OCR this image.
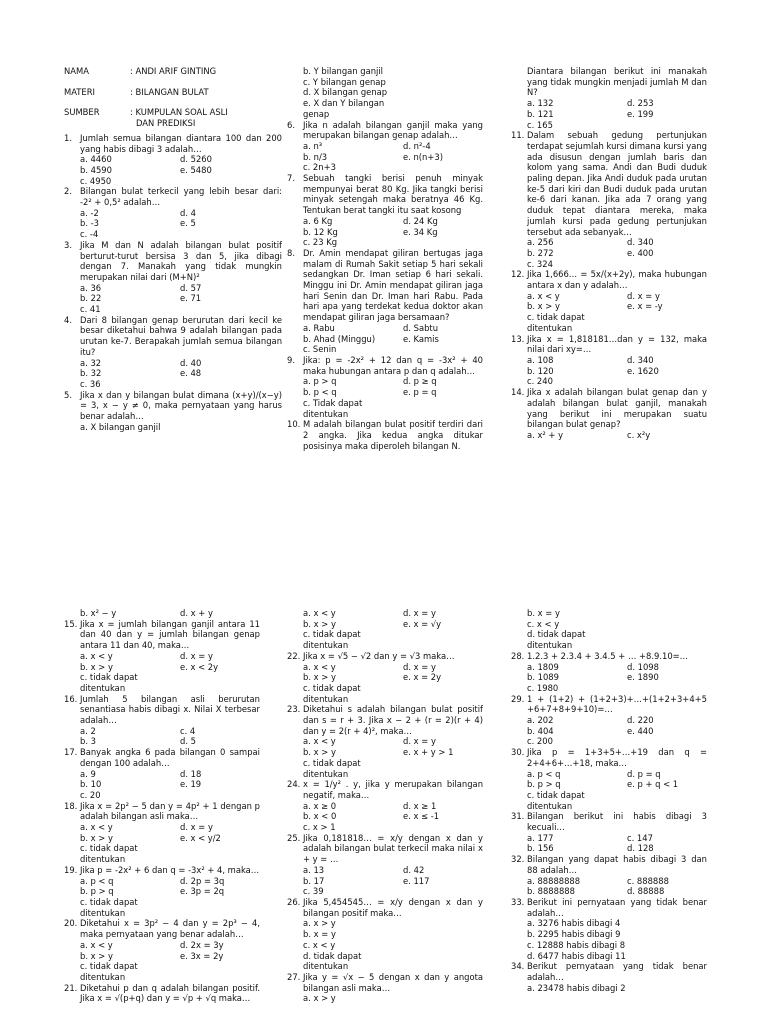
NAMA	: ANDI ARIF GINTING
MATERI	: BILANGAN BULAT
SUMBER	: KUMPULAN SOAL ASLI
DAN PREDIKSI
1. Jumlah semua bilangan diantara 100 dan 200 yang habis dibagi 3 adalah…
a. 4460	d. 5260
b. 4590	e. 5480
c. 4950
2. Bilangan bulat terkecil yang lebih besar dari: -2² + 0,5² adalah…
a. -2	d. 4
b. -3	e. 5
c. -4
3. Jika M dan N adalah bilangan bulat positif berturut-turut bersisa 3 dan 5, jika dibagi dengan 7. Manakah yang tidak mungkin merupakan nilai dari (M+N)²
a. 36	d. 57
b. 22	e. 71
c. 41
4. Dari 8 bilangan genap berurutan dari kecil ke besar diketahui bahwa 9 adalah bilangan pada urutan ke-7. Berapakah jumlah semua bilangan itu?
a. 32	d. 40
b. 32	e. 48
c. 36
5. Jika x dan y bilangan bulat dimana (x+y)/(x−y) = 3, x − y ≠ 0, maka pernyataan yang harus benar adalah…
a. X bilangan ganjil
b. Y bilangan ganjil
c. Y bilangan genap
d. X bilangan genap
e. X dan Y bilangan genap
6. Jika n adalah bilangan ganjil maka yang merupakan bilangan genap adalah…
a. n³	d. n²-4
b. n/3	e. n(n+3)
c. 2n+3
7. Sebuah tangki berisi penuh minyak mempunyai berat 80 Kg. Jika tangki berisi minyak setengah maka beratnya 46 Kg. Tentukan berat tangki itu saat kosong
a. 6 Kg	d. 24 Kg
b. 12 Kg	e. 34 Kg
c. 23 Kg
8. Dr. Amin mendapat giliran bertugas jaga malam di Rumah Sakit setiap 5 hari sekali sedangkan Dr. Iman setiap 6 hari sekali. Minggu ini Dr. Amin mendapat giliran jaga hari Senin dan Dr. Iman hari Rabu. Pada hari apa yang terdekat kedua doktor akan mendapat giliran jaga bersamaan?
a. Rabu	d. Sabtu
b. Ahad (Minggu)	e. Kamis
c. Senin
9. Jika: p = -2x² + 12 dan q = -3x² + 40 maka hubungan antara p dan q adalah…
a. p > q	d. p ≥ q
b. p < q	e. p = q
c. Tidak dapat ditentukan
10. M adalah bilangan bulat positif terdiri dari 2 angka. Jika kedua angka ditukar posisinya maka diperoleh bilangan N.
Diantara bilangan berikut ini manakah yang tidak mungkin menjadi jumlah M dan N?
a. 132	d. 253
b. 121	e. 199
c. 165
11. Dalam sebuah gedung pertunjukan terdapat sejumlah kursi dimana kursi yang ada disusun dengan jumlah baris dan kolom yang sama. Andi dan Budi duduk paling depan. Jika Andi duduk pada urutan ke-5 dari kiri dan Budi duduk pada urutan ke-6 dari kanan. Jika ada 7 orang yang duduk tepat diantara mereka, maka jumlah kursi pada gedung pertunjukan tersebut ada sebanyak…
a. 256	d. 340
b. 272	e. 400
c. 324
12. Jika 1,666… = 5x/(x+2y), maka hubungan antara x dan y adalah…
a. x < y	d. x = y
b. x > y	e. x = -y
c. tidak dapat ditentukan
13. Jika x = 1,818181…dan y = 132, maka nilai dari xy=…
a. 108	d. 340
b. 120	e. 1620
c. 240
14. Jika x adalah bilangan bulat genap dan y adalah bilangan bulat ganjil, manakah yang berikut ini merupakan suatu bilangan bulat genap?
a. x² + y	c. x²y
b. x² − y	d. x + y
15. Jika x = jumlah bilangan ganjil antara 11 dan 40 dan y = jumlah bilangan genap antara 11 dan 40, maka…
a. x < y	d. x = y
b. x > y	e. x < 2y
c. tidak dapat ditentukan
16. Jumlah 5 bilangan asli berurutan senantiasa habis dibagi x. Nilai X terbesar adalah…
a. 2	c. 4
b. 3	d. 5
17. Banyak angka 6 pada bilangan 0 sampai dengan 100 adalah…
a. 9	d. 18
b. 10	e. 19
c. 20
18. Jika x = 2p² − 5 dan y = 4p² + 1 dengan p adalah bilangan asli maka…
a. x < y	d. x = y
b. x > y	e. x < y/2
c. tidak dapat ditentukan
19. Jika p = -2x² + 6 dan q = -3x² + 4, maka…
a. p < q	d. 2p = 3q
b. p > q	e. 3p = 2q
c. tidak dapat ditentukan
20. Diketahui x = 3p² − 4 dan y = 2p³ − 4, maka pernyataan yang benar adalah…
a. x < y	d. 2x = 3y
b. x > y	e. 3x = 2y
c. tidak dapat ditentukan
21. Diketahui p dan q adalah bilangan positif. Jika x = √(p+q) dan y = √p + √q maka…
a. x < y	d. x = y
b. x > y	e. x = √y
c. tidak dapat ditentukan
22. Jika x = √5 − √2 dan y = √3 maka…
a. x < y	d. x = y
b. x > y	e. x = 2y
c. tidak dapat ditentukan
23. Diketahui s adalah bilangan bulat positif dan s = r + 3. Jika x − 2 + (r = 2)(r + 4) dan y = 2(r + 4)², maka…
a. x < y	d. x = y
b. x > y	e. x + y > 1
c. tidak dapat ditentukan
24. x = 1/y² . y, jika y merupakan bilangan negatif, maka…
a. x ≥ 0	d. x ≥ 1
b. x < 0	e. x ≤ -1
c. x > 1
25. Jika 0,181818… = x/y dengan x dan y adalah bilangan bulat terkecil maka nilai x + y = …
a. 13	d. 42
b. 17	e. 117
c. 39
26. Jika 5,454545… = x/y dengan x dan y bilangan positif maka…
a. x > y
b. x = y
c. x < y
d. tidak dapat ditentukan
27. Jika y = √x − 5 dengan x dan y angota bilangan asli maka…
a. x > y
b. x = y
c. x < y
d. tidak dapat ditentukan
28. 1.2.3 + 2.3.4 + 3.4.5 + … +8.9.10=…
a. 1809	d. 1098
b. 1089	e. 1890
c. 1980
29. 1 + (1+2) + (1+2+3)+…+(1+2+3+4+5 +6+7+8+9+10)=…
a. 202	d. 220
b. 404	e. 440
c. 200
30. Jika p = 1+3+5+…+19 dan q = 2+4+6+…+18, maka…
a. p < q	d. p = q
b. p > q	e. p + q < 1
c. tidak dapat ditentukan
31. Bilangan berikut ini habis dibagi 3 kecuali…
a. 177	c. 147
b. 156	d. 128
32. Bilangan yang dapat habis dibagi 3 dan 88 adalah…
a. 88888888	c. 888888
b. 8888888	d. 88888
33. Berikut ini pernyataan yang tidak benar adalah…
a. 3276 habis dibagi 4
b. 2295 habis dibagi 9
c. 12888 habis dibagi 8
d. 6477 habis dibagi 11
34. Berikut pernyataan yang tidak benar adalah…
a. 23478 habis dibagi 2
